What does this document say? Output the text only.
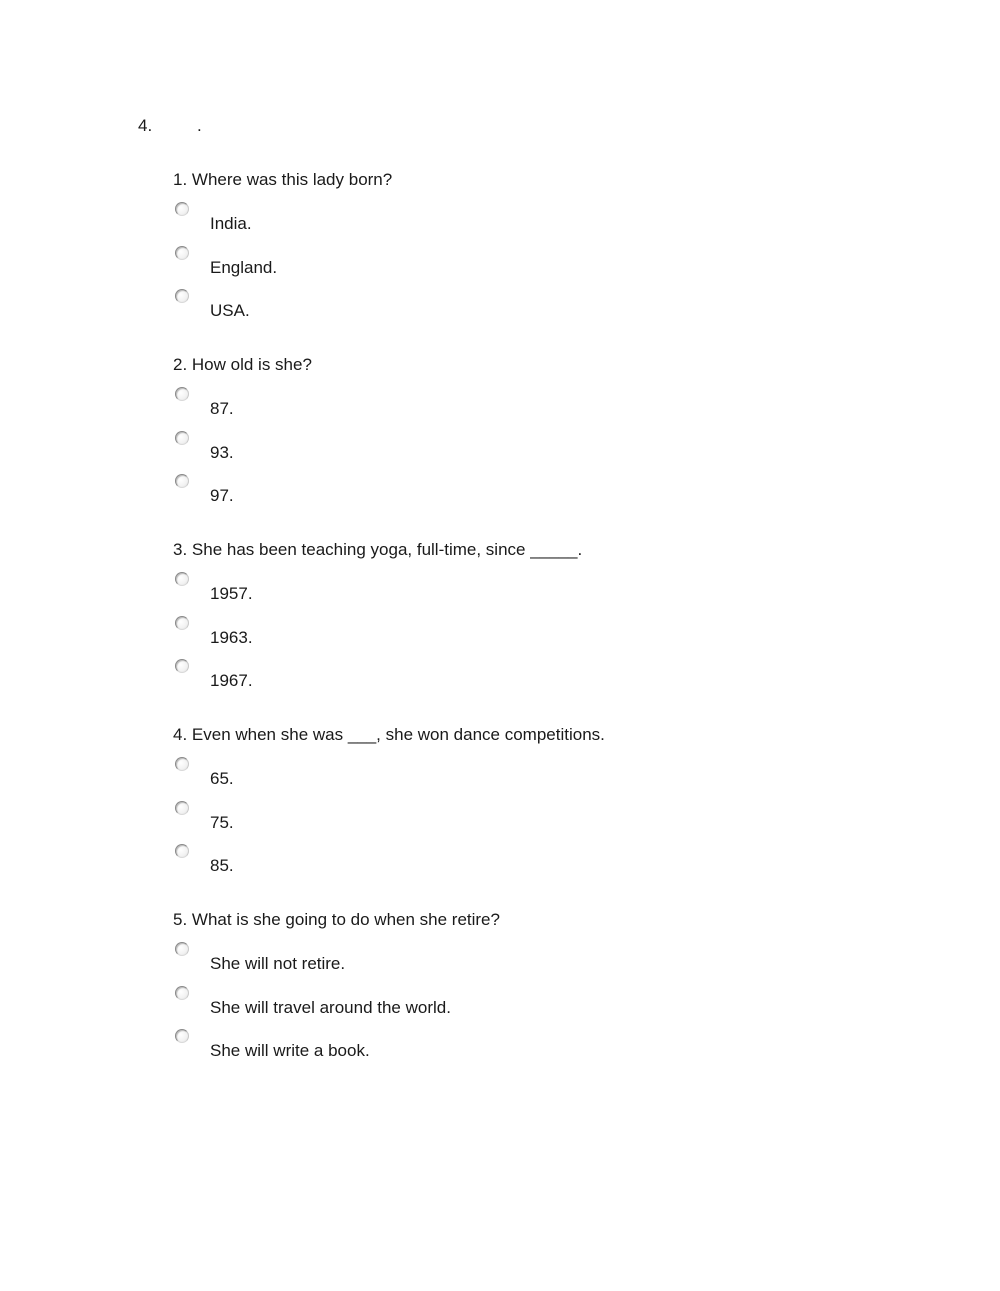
4.	.
1. Where was this lady born?
India.
England.
USA.
2. How old is she?
87.
93.
97.
3. She has been teaching yoga, full-time, since _____.
1957.
1963.
1967.
4. Even when she was ___, she won dance competitions.
65.
75.
85.
5. What is she going to do when she retire?
She will not retire.
She will travel around the world.
She will write a book.
